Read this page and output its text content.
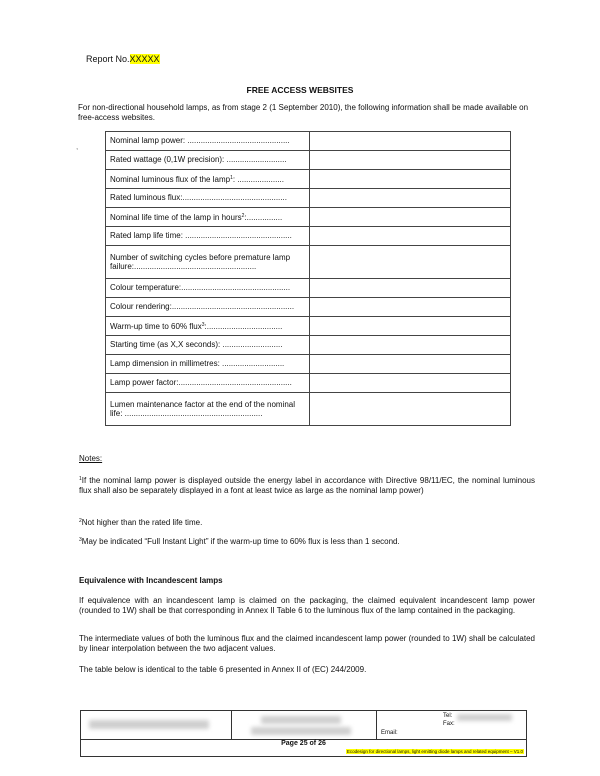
Report No.XXXXX
FREE ACCESS WEBSITES
For non-directional household lamps, as from stage 2 (1 September 2010), the following information shall be made available on free-access websites.
,
Nominal lamp power: ..............................................	
Rated wattage (0,1W precision): ...........................	
Nominal luminous flux of the lamp$^1$: .....................	
Rated luminous flux:...............................................	
Nominal life time of the lamp in hours$^2$:................	
Rated lamp life time: ................................................	
Number of switching cycles before premature lamp failure:.......................................................	
Colour temperature:.................................................	
Colour rendering:.......................................................	
Warm-up time to 60% flux$^3$:..................................	
Starting time (as X,X seconds): ...........................	
Lamp dimension in millimetres: ............................	
Lamp power factor:...................................................	
Lumen maintenance factor at the end of the nominal life: ..............................................................	
Notes:
$^1$If the nominal lamp power is displayed outside the energy label in accordance with Directive 98/11/EC, the nominal luminous flux shall also be separately displayed in a font at least twice as large as the nominal lamp power)
$^2$Not higher than the rated life time.
$^3$May be indicated “Full Instant Light” if the warm-up time to 60% flux is less than 1 second.
Equivalence with Incandescent lamps
If equivalence with an incandescent lamp is claimed on the packaging, the claimed equivalent incandescent lamp power (rounded to 1W) shall be that corresponding in Annex II Table 6 to the luminous flux of the lamp contained in the packaging.
The intermediate values of both the luminous flux and the claimed incandescent lamp power (rounded to 1W) shall be calculated by linear interpolation between the two adjacent values.
The table below is identical to the table 6 presented in Annex II of (EC) 244/2009.
Tel:
Fax:
Email:
Page 25 of 26
Ecodesign for directional lamps, light emitting diode lamps and related equipment – V1.0
